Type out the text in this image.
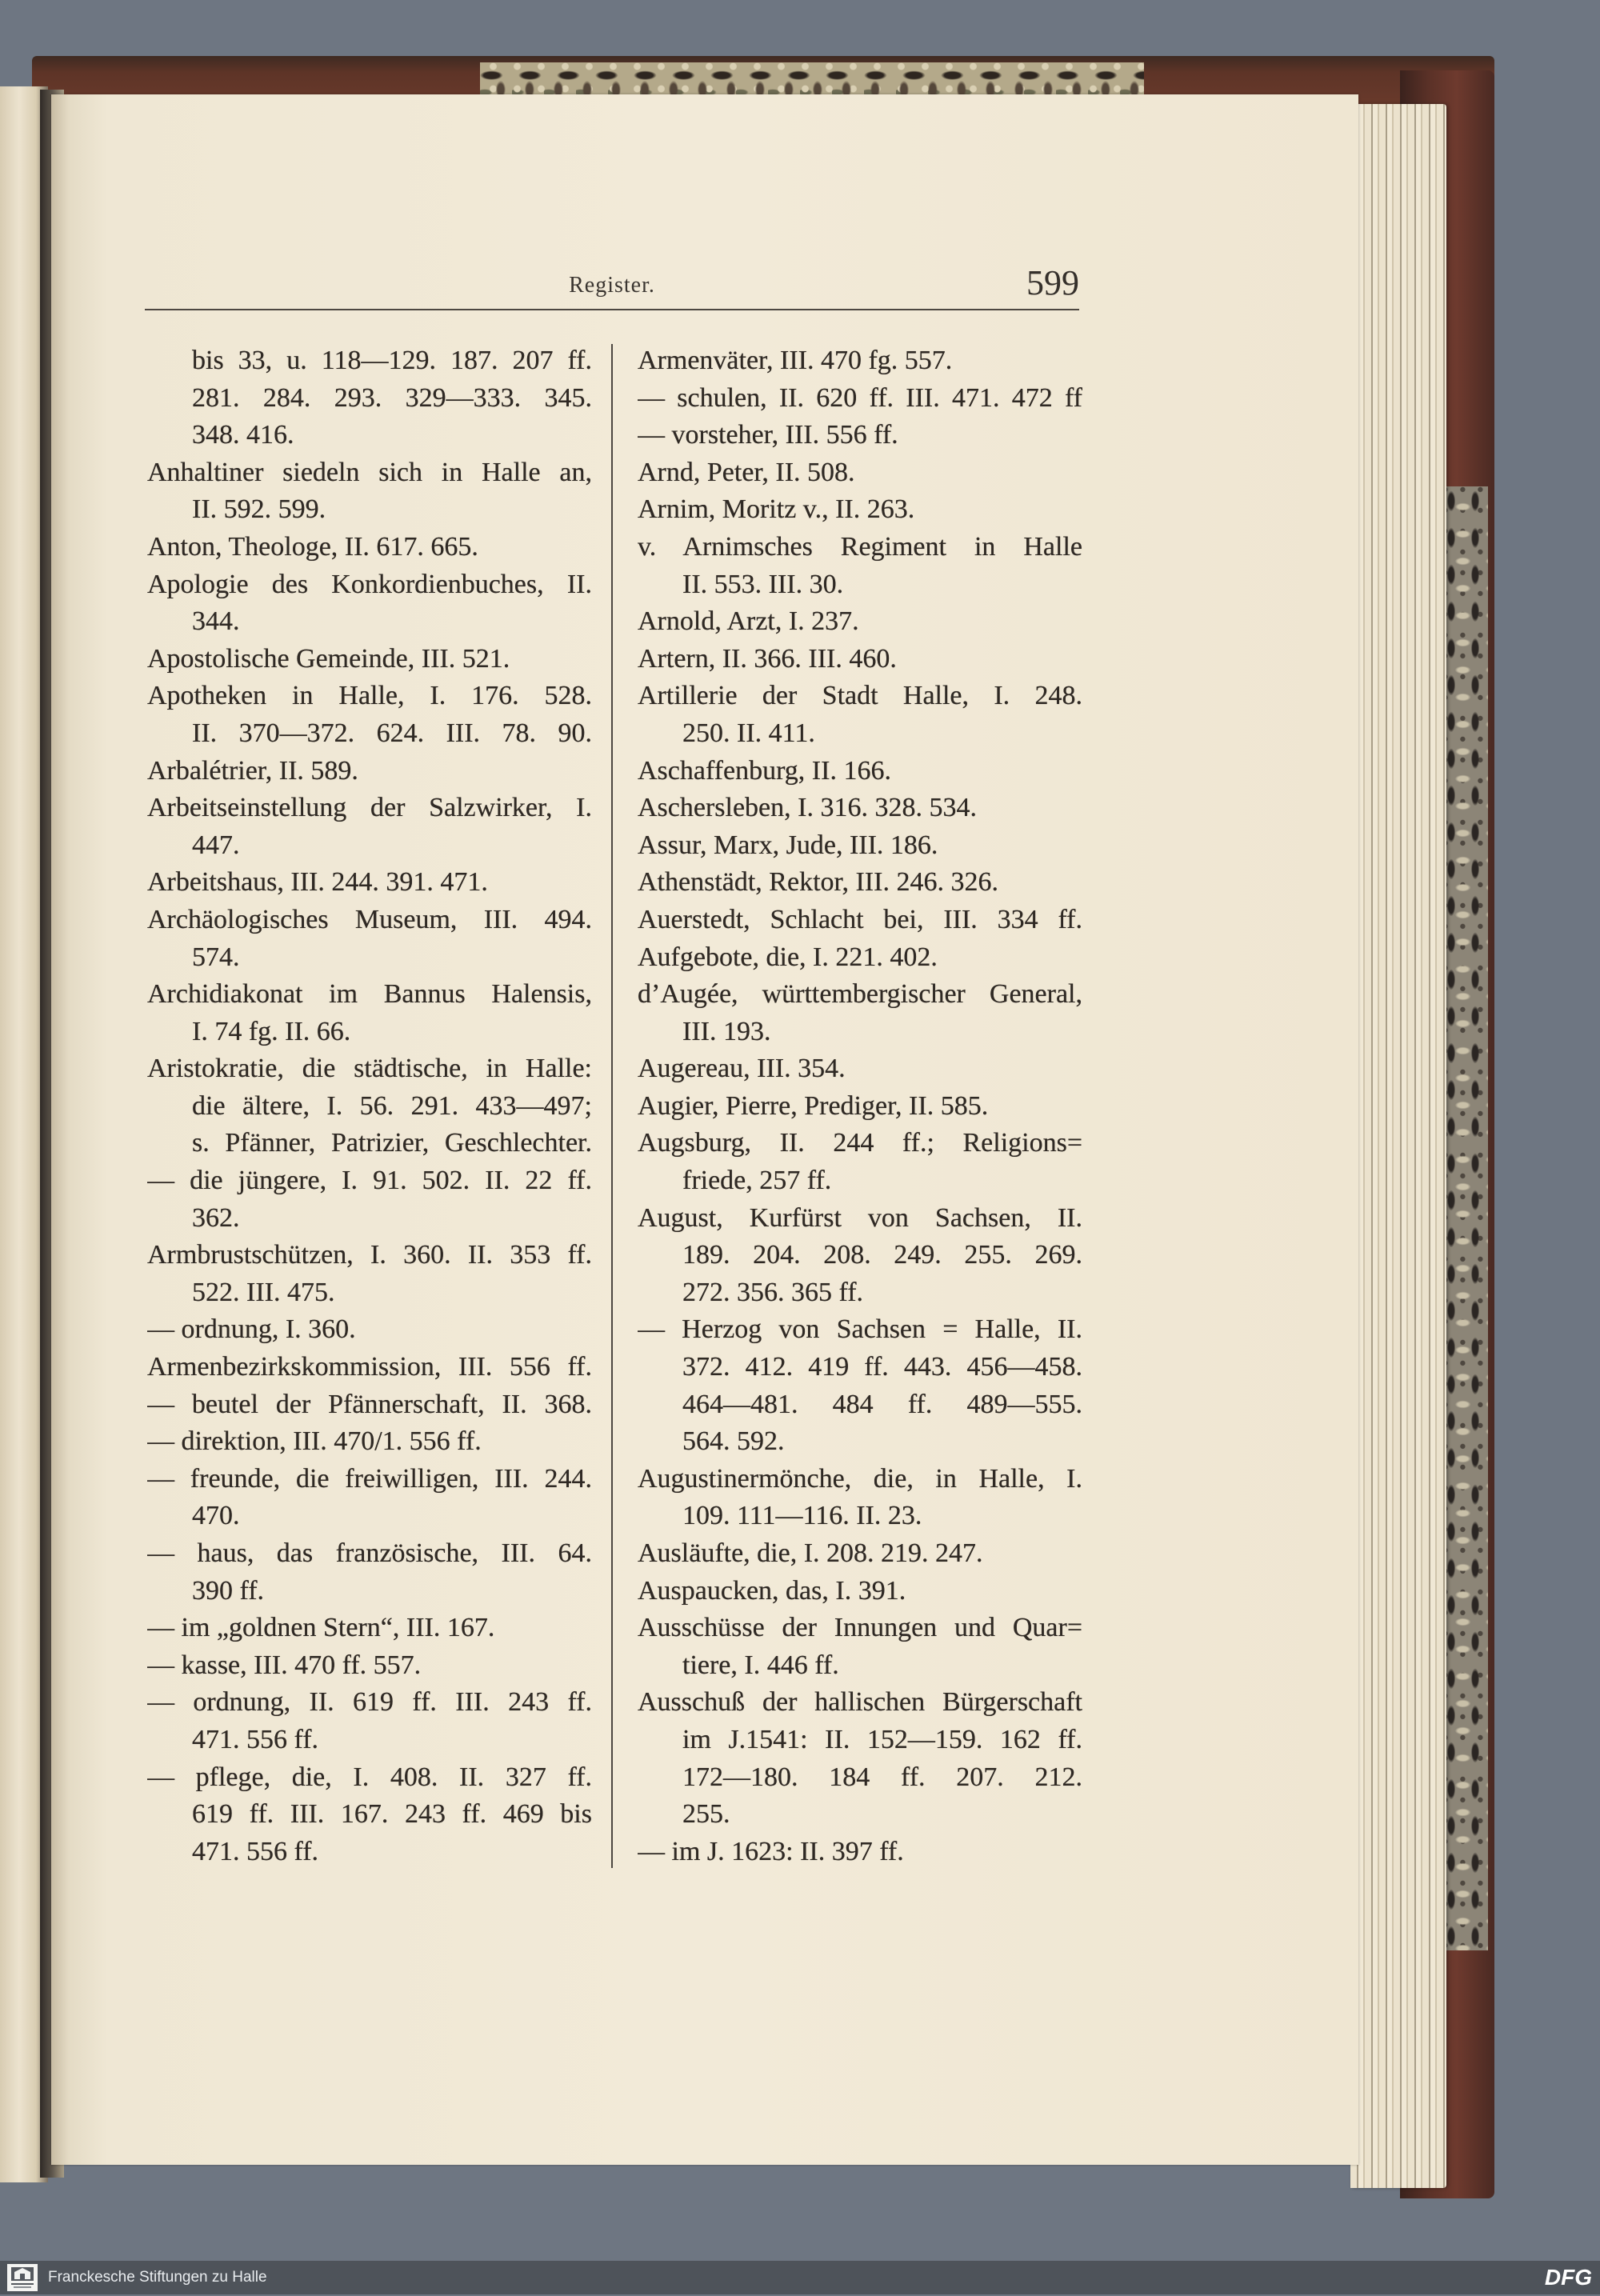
Register.	599
bis 33, u. 118—129. 187. 207 ff.
281. 284. 293. 329—333. 345.
348. 416.
Anhaltiner siedeln sich in Halle an,
II. 592. 599.
Anton, Theologe, II. 617. 665.
Apologie des Konkordienbuches, II.
344.
Apostolische Gemeinde, III. 521.
Apotheken in Halle, I. 176. 528.
II. 370—372. 624. III. 78. 90.
Arbalétrier, II. 589.
Arbeitseinstellung der Salzwirker, I.
447.
Arbeitshaus, III. 244. 391. 471.
Archäologisches Museum, III. 494.
574.
Archidiakonat im Bannus Halensis,
I. 74 fg. II. 66.
Aristokratie, die städtische, in Halle:
die ältere, I. 56. 291. 433—497;
s. Pfänner, Patrizier, Geschlechter.
— die jüngere, I. 91. 502. II. 22 ff.
362.
Armbrustschützen, I. 360. II. 353 ff.
522. III. 475.
— ordnung, I. 360.
Armenbezirkskommission, III. 556 ff.
— beutel der Pfännerschaft, II. 368.
— direktion, III. 470/1. 556 ff.
— freunde, die freiwilligen, III. 244.
470.
— haus, das französische, III. 64.
390 ff.
— im „goldnen Stern“, III. 167.
— kasse, III. 470 ff. 557.
— ordnung, II. 619 ff. III. 243 ff.
471. 556 ff.
— pflege, die, I. 408. II. 327 ff.
619 ff. III. 167. 243 ff. 469 bis
471. 556 ff.
Armenväter, III. 470 fg. 557.
— schulen, II. 620 ff. III. 471. 472 ff
— vorsteher, III. 556 ff.
Arnd, Peter, II. 508.
Arnim, Moritz v., II. 263.
v. Arnimsches Regiment in Halle
II. 553. III. 30.
Arnold, Arzt, I. 237.
Artern, II. 366. III. 460.
Artillerie der Stadt Halle, I. 248.
250. II. 411.
Aschaffenburg, II. 166.
Aschersleben, I. 316. 328. 534.
Assur, Marx, Jude, III. 186.
Athenstädt, Rektor, III. 246. 326.
Auerstedt, Schlacht bei, III. 334 ff.
Aufgebote, die, I. 221. 402.
d’Augée, württembergischer General,
III. 193.
Augereau, III. 354.
Augier, Pierre, Prediger, II. 585.
Augsburg, II. 244 ff.; Religions=
friede, 257 ff.
August, Kurfürst von Sachsen, II.
189. 204. 208. 249. 255. 269.
272. 356. 365 ff.
— Herzog von Sachsen = Halle, II.
372. 412. 419 ff. 443. 456—458.
464—481. 484 ff. 489—555.
564. 592.
Augustinermönche, die, in Halle, I.
109. 111—116. II. 23.
Ausläufte, die, I. 208. 219. 247.
Auspaucken, das, I. 391.
Ausschüsse der Innungen und Quar=
tiere, I. 446 ff.
Ausschuß der hallischen Bürgerschaft
im J.1541: II. 152—159. 162 ff.
172—180. 184 ff. 207. 212.
255.
— im J. 1623: II. 397 ff.
Franckesche Stiftungen zu Halle	DFG
